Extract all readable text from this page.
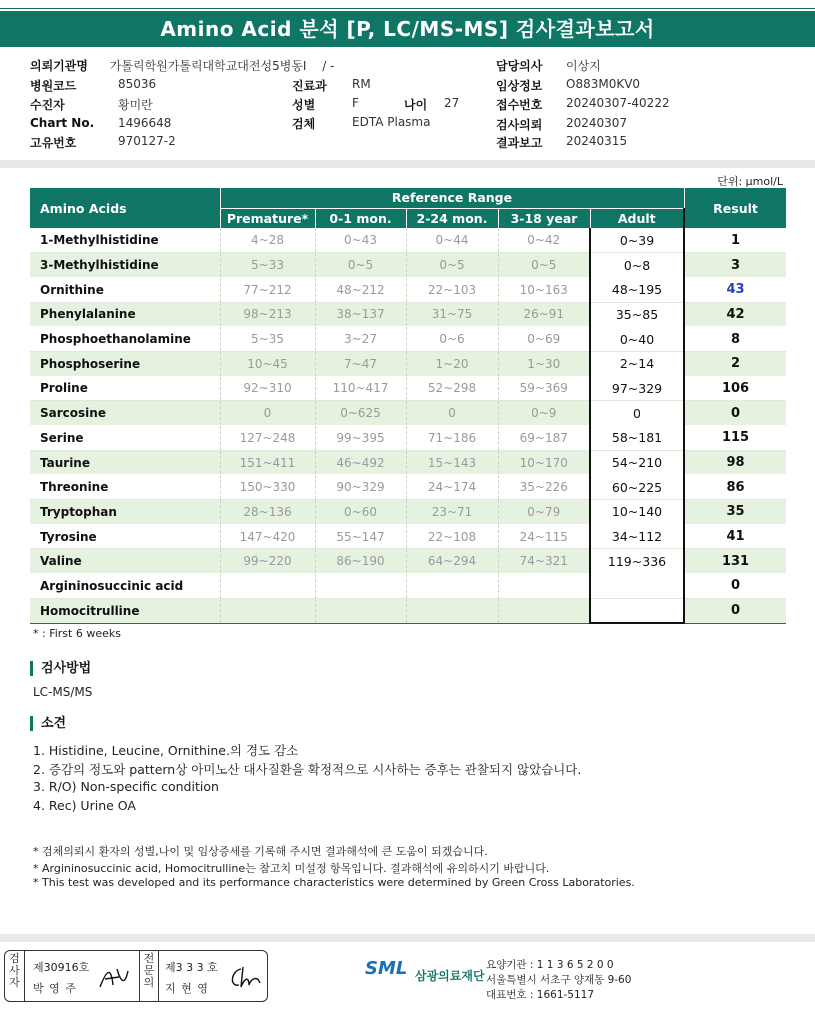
Amino Acid 분석 [P, LC/MS-MS] 검사결과보고서
의뢰기관명 가톨릭학원가톨릭대학교대전성5병동I / -
병원코드	85036
수진자	황미란
Chart No. 1496648
고유번호	970127-2
진료과 RM
성별	F	나이 27
검체	EDTA Plasma
담당의사 이상지
임상정보 O883M0KV0
접수번호 20240307-40222
검사의뢰 20240307
결과보고 20240315
단위: μmol/L
Amino Acids	Reference Range					Result
	Premature*	0-1 mon.	2-24 mon.	3-18 year	Adult	
1-Methylhistidine	4~28	0~43	0~44	0~42	0~39	1
3-Methylhistidine	5~33	0~5	0~5	0~5	0~8	3
Ornithine	77~212	48~212	22~103	10~163	48~195	43
Phenylalanine	98~213	38~137	31~75	26~91	35~85	42
Phosphoethanolamine	5~35	3~27	0~6	0~69	0~40	8
Phosphoserine	10~45	7~47	1~20	1~30	2~14	2
Proline	92~310	110~417	52~298	59~369	97~329	106
Sarcosine	0	0~625	0	0~9	0	0
Serine	127~248	99~395	71~186	69~187	58~181	115
Taurine	151~411	46~492	15~143	10~170	54~210	98
Threonine	150~330	90~329	24~174	35~226	60~225	86
Tryptophan	28~136	0~60	23~71	0~79	10~140	35
Tyrosine	147~420	55~147	22~108	24~115	34~112	41
Valine	99~220	86~190	64~294	74~321	119~336	131
Argininosuccinic acid						0
Homocitrulline						0
* : First 6 weeks
검사방법
LC-MS/MS
소견
1. Histidine, Leucine, Ornithine.의 경도 감소
2. 증감의 정도와 pattern상 아미노산 대사질환을 확정적으로 시사하는 증후는 관찰되지 않았습니다.
3. R/O) Non-specific condition
4. Rec) Urine OA
* 검체의뢰시 환자의 성별,나이 및 임상증세를 기록해 주시면 결과해석에 큰 도움이 되겠습니다.
* Argininosuccinic acid, Homocitrulline는 참고치 미설정 항목입니다. 결과해석에 유의하시기 바랍니다.
* This test was developed and its performance characteristics were determined by Green Cross Laboratories.
검사자
제30916호
박 영 주
전문의
제3 3 3 호
지 현 영
SML 삼광의료재단
요양기관 : 1 1 3 6 5 2 0 0
서울특별시 서초구 양재동 9-60
대표번호 : 1661-5117
